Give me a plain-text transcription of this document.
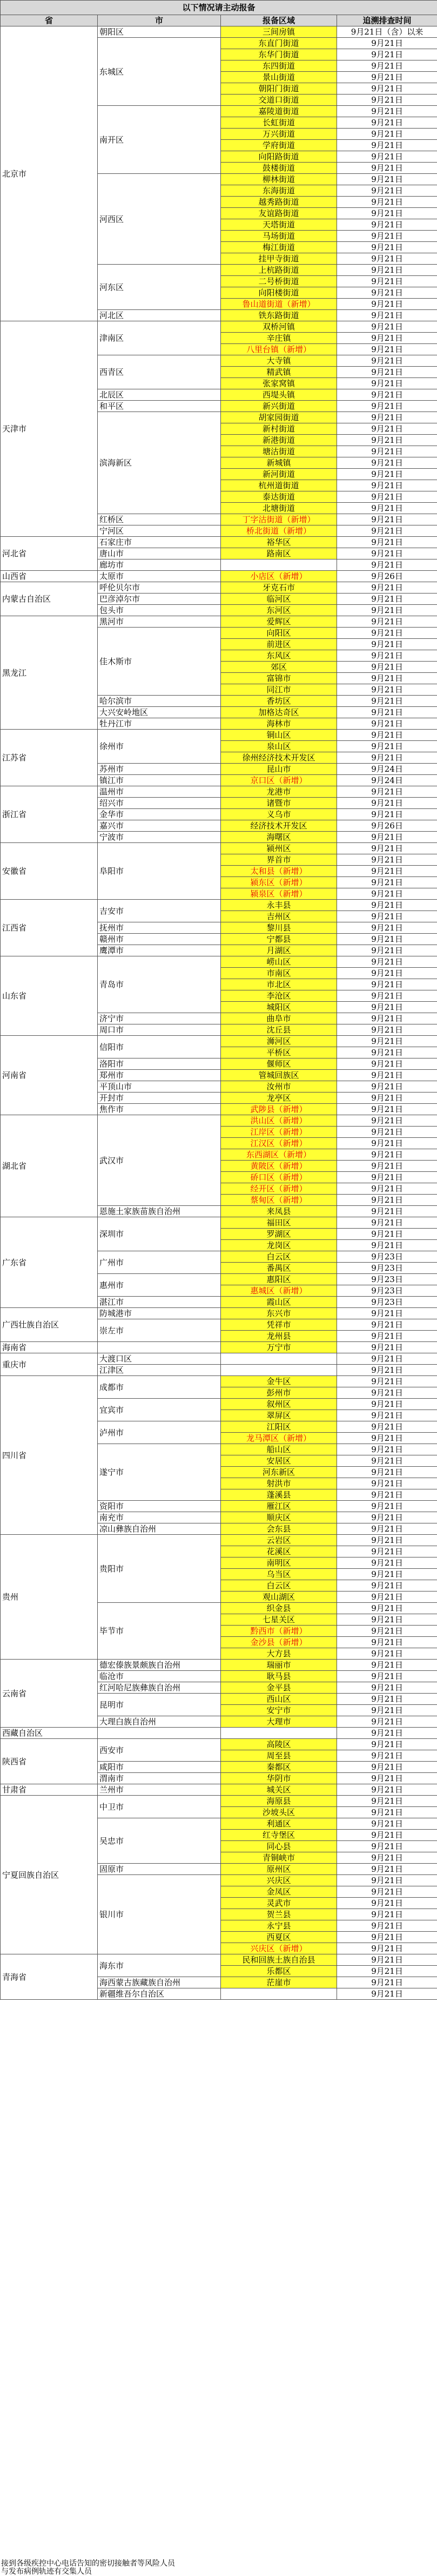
以下情况请主动报备			
省	市	报备区域	追溯排查时间
北京市	朝阳区	三间房镇	9月21日（含）以来
	东城区	东直门街道	9月21日
		东华门街道	9月21日
		东四街道	9月21日
		景山街道	9月21日
		朝阳门街道	9月21日
		交道口街道	9月21日
	南开区	嘉陵道街道	9月21日
		长虹街道	9月21日
		万兴街道	9月21日
		学府街道	9月21日
		向阳路街道	9月21日
		鼓楼街道	9月21日
	河西区	柳林街道	9月21日
		东海街道	9月21日
		越秀路街道	9月21日
		友谊路街道	9月21日
		天塔街道	9月21日
		马场街道	9月21日
		梅江街道	9月21日
		挂甲寺街道	9月21日
	河东区	上杭路街道	9月21日
		二号桥街道	9月21日
		向阳楼街道	9月21日
		鲁山道街道（新增）	9月21日
	河北区	铁东路街道	9月21日
天津市	津南区	双桥河镇	9月21日
		辛庄镇	9月21日
		八里台镇（新增）	9月21日
	西青区	大寺镇	9月21日
		精武镇	9月21日
		张家窝镇	9月21日
	北辰区	西堤头镇	9月21日
	和平区	新兴街道	9月21日
	滨海新区	胡家园街道	9月21日
		新村街道	9月21日
		新港街道	9月21日
		塘沽街道	9月21日
		新城镇	9月21日
		新河街道	9月21日
		杭州道街道	9月21日
		泰达街道	9月21日
		北塘街道	9月21日
	红桥区	丁字沽街道（新增）	9月21日
	宁河区	桥北街道（新增）	9月21日
河北省	石家庄市	裕华区	9月21日
	唐山市	路南区	9月21日
	廊坊市		9月21日
山西省	太原市	小店区（新增）	9月26日
内蒙古自治区	呼伦贝尔市	牙克石市	9月21日
	巴彦淖尔市	临河区	9月21日
	包头市	东河区	9月21日
黑龙江	黑河市	爱辉区	9月21日
	佳木斯市	向阳区	9月21日
		前进区	9月21日
		东风区	9月21日
		郊区	9月21日
		富锦市	9月21日
		同江市	9月21日
	哈尔滨市	香坊区	9月21日
	大兴安岭地区	加格达奇区	9月21日
	牡丹江市	海林市	9月21日
江苏省	徐州市	铜山区	9月21日
		泉山区	9月21日
		徐州经济技术开发区	9月21日
	苏州市	昆山市	9月24日
	镇江市	京口区（新增）	9月24日
浙江省	温州市	龙港市	9月21日
	绍兴市	诸暨市	9月21日
	金华市	义乌市	9月21日
	嘉兴市	经济技术开发区	9月26日
	宁波市	海曙区	9月21日
安徽省	阜阳市	颍州区	9月21日
		界首市	9月21日
		太和县（新增）	9月21日
		颍东区（新增）	9月21日
		颍泉区（新增）	9月21日
江西省	吉安市	永丰县	9月21日
		吉州区	9月21日
	抚州市	黎川县	9月21日
	赣州市	宁都县	9月21日
	鹰潭市	月湖区	9月21日
山东省	青岛市	崂山区	9月21日
		市南区	9月21日
		市北区	9月21日
		李沧区	9月21日
		城阳区	9月21日
	济宁市	曲阜市	9月21日
	周口市	沈丘县	9月21日
河南省	信阳市	浉河区	9月21日
		平桥区	9月21日
	洛阳市	偃师区	9月21日
	郑州市	管城回族区	9月21日
	平顶山市	汝州市	9月21日
	开封市	龙亭区	9月21日
	焦作市	武陟县（新增）	9月21日
湖北省	武汉市	洪山区（新增）	9月21日
		江岸区（新增）	9月21日
		江汉区（新增）	9月21日
		东西湖区（新增）	9月21日
		黄陂区（新增）	9月21日
		硚口区（新增）	9月21日
		经开区（新增）	9月21日
		蔡甸区（新增）	9月21日
	恩施土家族苗族自治州	来凤县	9月21日
广东省	深圳市	福田区	9月21日
		罗湖区	9月21日
		龙岗区	9月21日
	广州市	白云区	9月23日
		番禺区	9月23日
	惠州市	惠阳区	9月23日
		惠城区（新增）	9月23日
	湛江市	霞山区	9月23日
广西壮族自治区	防城港市	东兴市	9月21日
	崇左市	凭祥市	9月21日
		龙州县	9月21日
海南省		万宁市	9月21日
重庆市	大渡口区		9月21日
	江津区		9月21日
四川省	成都市	金牛区	9月21日
		彭州市	9月21日
	宜宾市	叙州区	9月21日
		翠屏区	9月21日
	泸州市	江阳区	9月21日
		龙马潭区（新增）	9月21日
	遂宁市	船山区	9月21日
		安居区	9月21日
		河东新区	9月21日
		射洪市	9月21日
		蓬溪县	9月21日
	资阳市	雁江区	9月21日
	南充市	顺庆区	9月21日
	凉山彝族自治州	会东县	9月21日
贵州	贵阳市	云岩区	9月21日
		花溪区	9月21日
		南明区	9月21日
		乌当区	9月21日
		白云区	9月21日
		观山湖区	9月21日
	毕节市	织金县	9月21日
		七星关区	9月21日
		黔西市（新增）	9月21日
		金沙县（新增）	9月21日
		大方县	9月21日
云南省	德宏傣族景颇族自治州	瑞丽市	9月21日
	临沧市	耿马县	9月21日
	红河哈尼族彝族自治州	金平县	9月21日
	昆明市	西山区	9月21日
		安宁市	9月21日
	大理白族自治州	大理市	9月21日
西藏自治区			9月21日
陕西省	西安市	高陵区	9月21日
		周至县	9月21日
	咸阳市	秦都区	9月21日
	渭南市	华阴市	9月21日
甘肃省	兰州市	城关区	9月21日
宁夏回族自治区	中卫市	海原县	9月21日
		沙坡头区	9月21日
	吴忠市	利通区	9月21日
		红寺堡区	9月21日
		同心县	9月21日
		青铜峡市	9月21日
	固原市	原州区	9月21日
	银川市	兴庆区	9月21日
		金凤区	9月21日
		灵武市	9月21日
		贺兰县	9月21日
		永宁县	9月21日
		西夏区	9月21日
		兴庆区（新增）	9月21日
青海省	海东市	民和回族土族自治县	9月21日
		乐都区	9月21日
	海西蒙古族藏族自治州	茫崖市	9月21日
	新疆维吾尔自治区		9月21日
接到各级疾控中心电话告知的密切接触者等风险人员
与发布病例轨迹有交集人员
